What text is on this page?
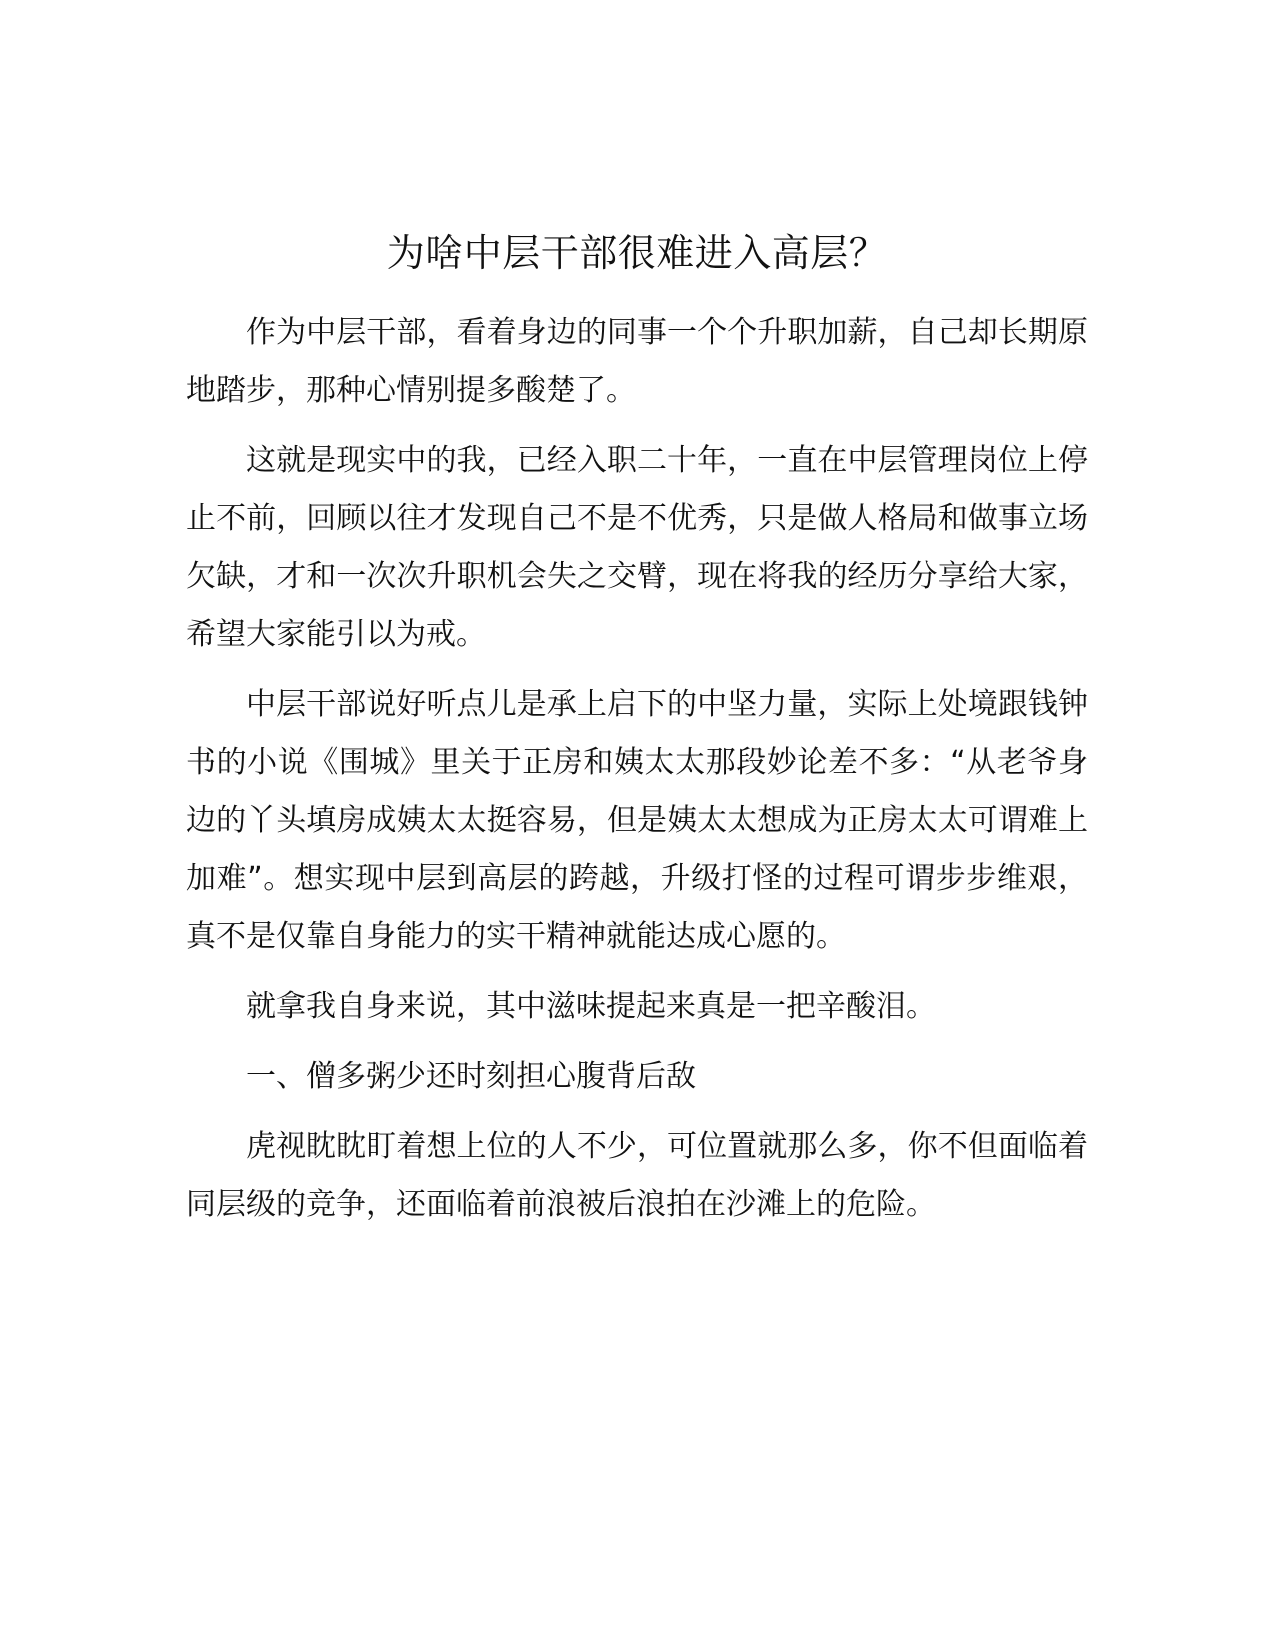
为啥中层干部很难进入高层？

作为中层干部，看着身边的同事一个个升职加薪，自己却长期原地踏步，那种心情别提多酸楚了。

这就是现实中的我，已经入职二十年，一直在中层管理岗位上停止不前，回顾以往才发现自己不是不优秀，只是做人格局和做事立场欠缺，才和一次次升职机会失之交臂，现在将我的经历分享给大家，希望大家能引以为戒。

中层干部说好听点儿是承上启下的中坚力量，实际上处境跟钱钟书的小说《围城》里关于正房和姨太太那段妙论差不多：“从老爷身边的丫头填房成姨太太挺容易，但是姨太太想成为正房太太可谓难上加难”。想实现中层到高层的跨越，升级打怪的过程可谓步步维艰，真不是仅靠自身能力的实干精神就能达成心愿的。

就拿我自身来说，其中滋味提起来真是一把辛酸泪。

一、僧多粥少还时刻担心腹背后敌

虎视眈眈盯着想上位的人不少，可位置就那么多，你不但面临着同层级的竞争，还面临着前浪被后浪拍在沙滩上的危险。
